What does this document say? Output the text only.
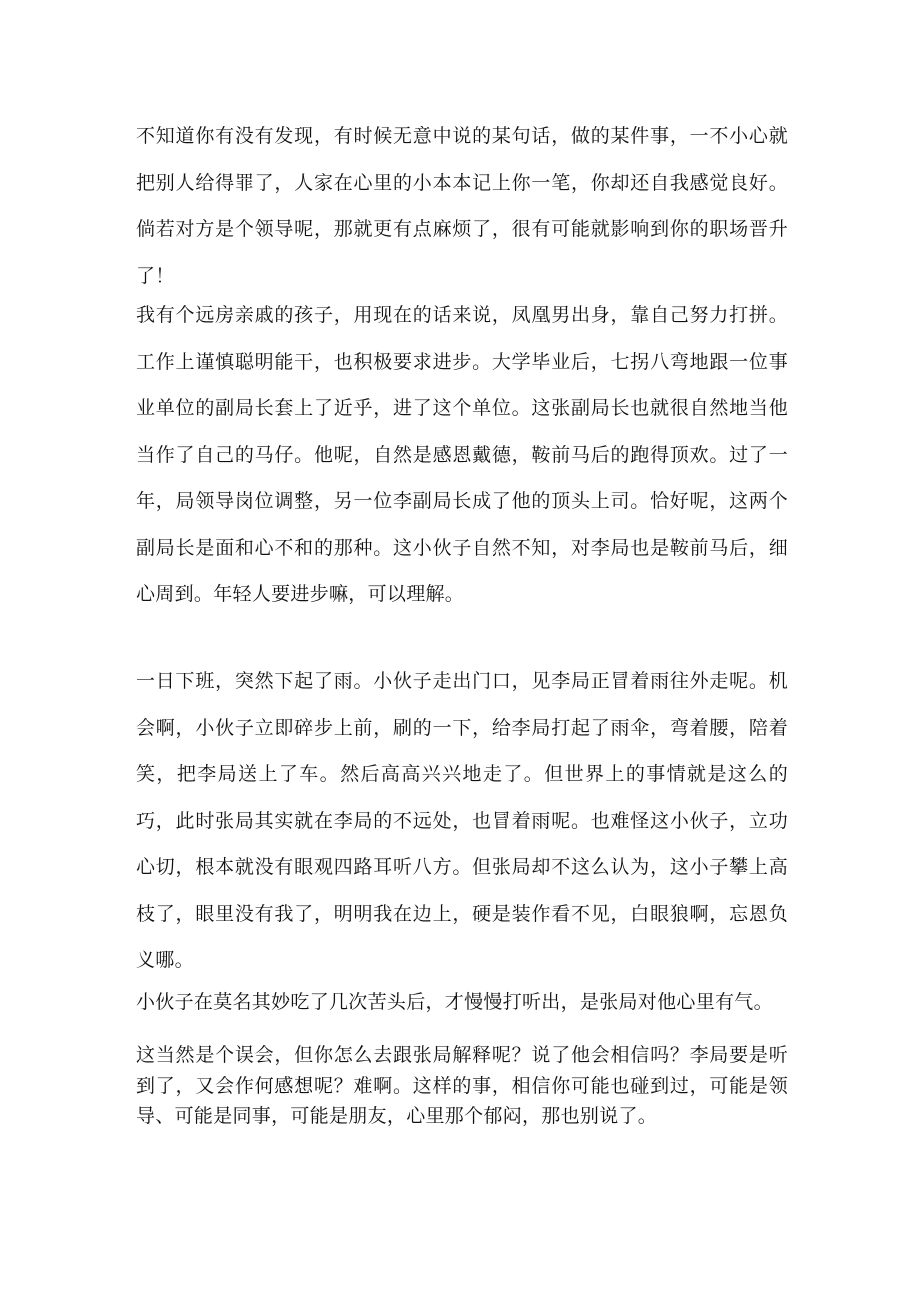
不知道你有没有发现，有时候无意中说的某句话，做的某件事，一不小心就把别人给得罪了，人家在心里的小本本记上你一笔，你却还自我感觉良好。倘若对方是个领导呢，那就更有点麻烦了，很有可能就影响到你的职场晋升了！

我有个远房亲戚的孩子，用现在的话来说，凤凰男出身，靠自己努力打拼。工作上谨慎聪明能干，也积极要求进步。大学毕业后，七拐八弯地跟一位事业单位的副局长套上了近乎，进了这个单位。这张副局长也就很自然地当他当作了自己的马仔。他呢，自然是感恩戴德，鞍前马后的跑得顶欢。过了一年，局领导岗位调整，另一位李副局长成了他的顶头上司。恰好呢，这两个副局长是面和心不和的那种。这小伙子自然不知，对李局也是鞍前马后，细心周到。年轻人要进步嘛，可以理解。

一日下班，突然下起了雨。小伙子走出门口，见李局正冒着雨往外走呢。机会啊，小伙子立即碎步上前，刷的一下，给李局打起了雨伞，弯着腰，陪着笑，把李局送上了车。然后高高兴兴地走了。但世界上的事情就是这么的巧，此时张局其实就在李局的不远处，也冒着雨呢。也难怪这小伙子，立功心切，根本就没有眼观四路耳听八方。但张局却不这么认为，这小子攀上高枝了，眼里没有我了，明明我在边上，硬是装作看不见，白眼狼啊，忘恩负义哪。

小伙子在莫名其妙吃了几次苦头后，才慢慢打听出，是张局对他心里有气。

这当然是个误会，但你怎么去跟张局解释呢？说了他会相信吗？李局要是听到了，又会作何感想呢？难啊。这样的事，相信你可能也碰到过，可能是领导、可能是同事，可能是朋友，心里那个郁闷，那也别说了。
